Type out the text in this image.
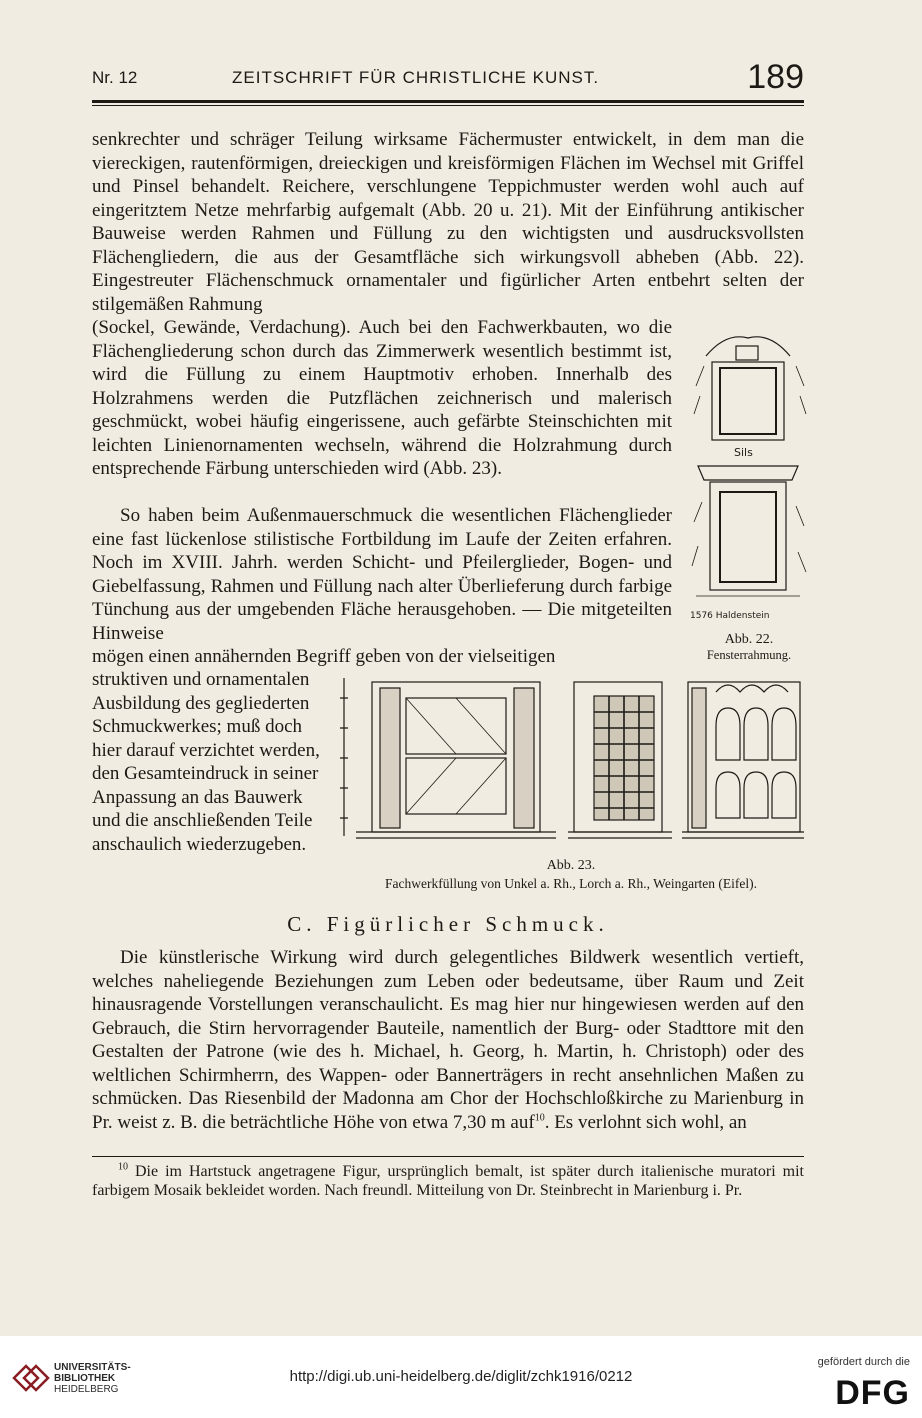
Nr. 12	ZEITSCHRIFT FÜR CHRISTLICHE KUNST.	189

senkrechter und schräger Teilung wirksame Fächermuster entwickelt, in dem man die viereckigen, rautenförmigen, dreieckigen und kreisförmigen Flächen im Wechsel mit Griffel und Pinsel behandelt. Reichere, verschlungene Teppichmuster werden wohl auch auf eingeritztem Netze mehrfarbig aufgemalt (Abb. 20 u. 21). Mit der Einführung antikischer Bauweise werden Rahmen und Füllung zu den wichtigsten und ausdrucksvollsten Flächengliedern, die aus der Gesamtfläche sich wirkungsvoll abheben (Abb. 22). Eingestreuter Flächenschmuck ornamentaler und figürlicher Arten entbehrt selten der stilgemäßen Rahmung

(Sockel, Gewände, Verdachung). Auch bei den Fachwerkbauten, wo die Flächengliederung schon durch das Zimmerwerk wesentlich bestimmt ist, wird die Füllung zu einem Hauptmotiv erhoben. Innerhalb des Holzrahmens werden die Putzflächen zeichnerisch und malerisch geschmückt, wobei häufig eingerissene, auch gefärbte Steinschichten mit leichten Linienornamenten wechseln, während die Holzrahmung durch entsprechende Färbung unterschieden wird (Abb. 23).

So haben beim Außenmauerschmuck die wesentlichen Flächenglieder eine fast lückenlose stilistische Fortbildung im Laufe der Zeiten erfahren. Noch im XVIII. Jahrh. werden Schicht- und Pfeilerglieder, Bogen- und Giebelfassung, Rahmen und Füllung nach alter Überlieferung durch farbige Tünchung aus der umgebenden Fläche herausgehoben. — Die mitgeteilten Hinweise

mögen einen annähernden Begriff geben von der vielseitigen

struktiven und ornamentalen Ausbildung des gegliederten Schmuckwerkes; muß doch hier darauf verzichtet werden, den Gesamteindruck in seiner Anpassung an das Bauwerk und die anschließenden Teile anschaulich wiederzugeben.

Sils
1576 Haldenstein
Abb. 22.
Fensterrahmung.
Abb. 23.
Fachwerkfüllung von Unkel a. Rh., Lorch a. Rh., Weingarten (Eifel).
C. Figürlicher Schmuck.

Die künstlerische Wirkung wird durch gelegentliches Bildwerk wesentlich vertieft, welches naheliegende Beziehungen zum Leben oder bedeutsame, über Raum und Zeit hinausragende Vorstellungen veranschaulicht. Es mag hier nur hingewiesen werden auf den Gebrauch, die Stirn hervorragender Bauteile, namentlich der Burg- oder Stadttore mit den Gestalten der Patrone (wie des h. Michael, h. Georg, h. Martin, h. Christoph) oder des weltlichen Schirmherrn, des Wappen- oder Bannerträgers in recht ansehnlichen Maßen zu schmücken. Das Riesenbild der Madonna am Chor der Hochschloßkirche zu Marienburg in Pr. weist z. B. die beträchtliche Höhe von etwa 7,30 m auf$^{10}$. Es verlohnt sich wohl, an

$^{10}$ Die im Hartstuck angetragene Figur, ursprünglich bemalt, ist später durch italienische muratori mit farbigem Mosaik bekleidet worden. Nach freundl. Mitteilung von Dr. Steinbrecht in Marienburg i. Pr.

UNIVERSITÄTS-
BIBLIOTHEK
HEIDELBERG
http://digi.ub.uni-heidelberg.de/diglit/zchk1916/0212
gefördert durch die
DFG
